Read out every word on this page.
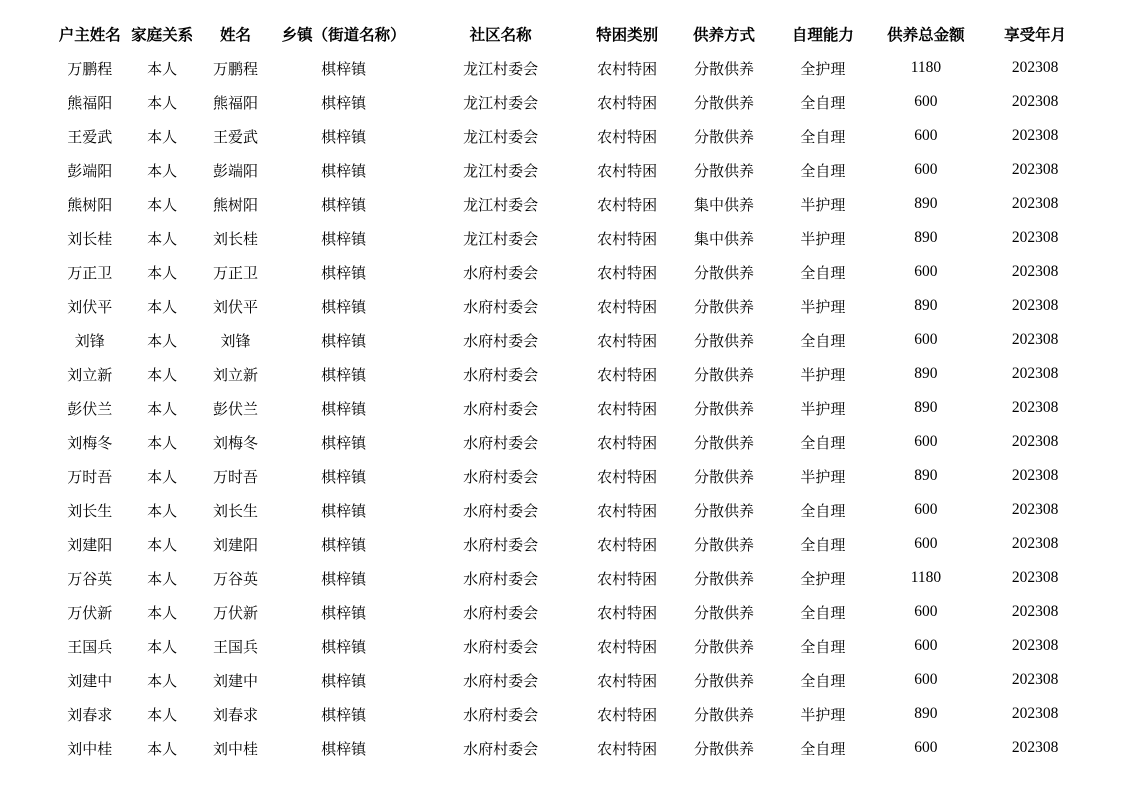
户主姓名	家庭关系	姓名	乡镇（街道名称）	社区名称	特困类别	供养方式	自理能力	供养总金额	享受年月
万鹏程	本人	万鹏程	棋梓镇	龙江村委会	农村特困	分散供养	全护理	1180	202308
熊福阳	本人	熊福阳	棋梓镇	龙江村委会	农村特困	分散供养	全自理	600	202308
王爱武	本人	王爱武	棋梓镇	龙江村委会	农村特困	分散供养	全自理	600	202308
彭端阳	本人	彭端阳	棋梓镇	龙江村委会	农村特困	分散供养	全自理	600	202308
熊树阳	本人	熊树阳	棋梓镇	龙江村委会	农村特困	集中供养	半护理	890	202308
刘长桂	本人	刘长桂	棋梓镇	龙江村委会	农村特困	集中供养	半护理	890	202308
万正卫	本人	万正卫	棋梓镇	水府村委会	农村特困	分散供养	全自理	600	202308
刘伏平	本人	刘伏平	棋梓镇	水府村委会	农村特困	分散供养	半护理	890	202308
刘锋	本人	刘锋	棋梓镇	水府村委会	农村特困	分散供养	全自理	600	202308
刘立新	本人	刘立新	棋梓镇	水府村委会	农村特困	分散供养	半护理	890	202308
彭伏兰	本人	彭伏兰	棋梓镇	水府村委会	农村特困	分散供养	半护理	890	202308
刘梅冬	本人	刘梅冬	棋梓镇	水府村委会	农村特困	分散供养	全自理	600	202308
万时吾	本人	万时吾	棋梓镇	水府村委会	农村特困	分散供养	半护理	890	202308
刘长生	本人	刘长生	棋梓镇	水府村委会	农村特困	分散供养	全自理	600	202308
刘建阳	本人	刘建阳	棋梓镇	水府村委会	农村特困	分散供养	全自理	600	202308
万谷英	本人	万谷英	棋梓镇	水府村委会	农村特困	分散供养	全护理	1180	202308
万伏新	本人	万伏新	棋梓镇	水府村委会	农村特困	分散供养	全自理	600	202308
王国兵	本人	王国兵	棋梓镇	水府村委会	农村特困	分散供养	全自理	600	202308
刘建中	本人	刘建中	棋梓镇	水府村委会	农村特困	分散供养	全自理	600	202308
刘春求	本人	刘春求	棋梓镇	水府村委会	农村特困	分散供养	半护理	890	202308
刘中桂	本人	刘中桂	棋梓镇	水府村委会	农村特困	分散供养	全自理	600	202308
